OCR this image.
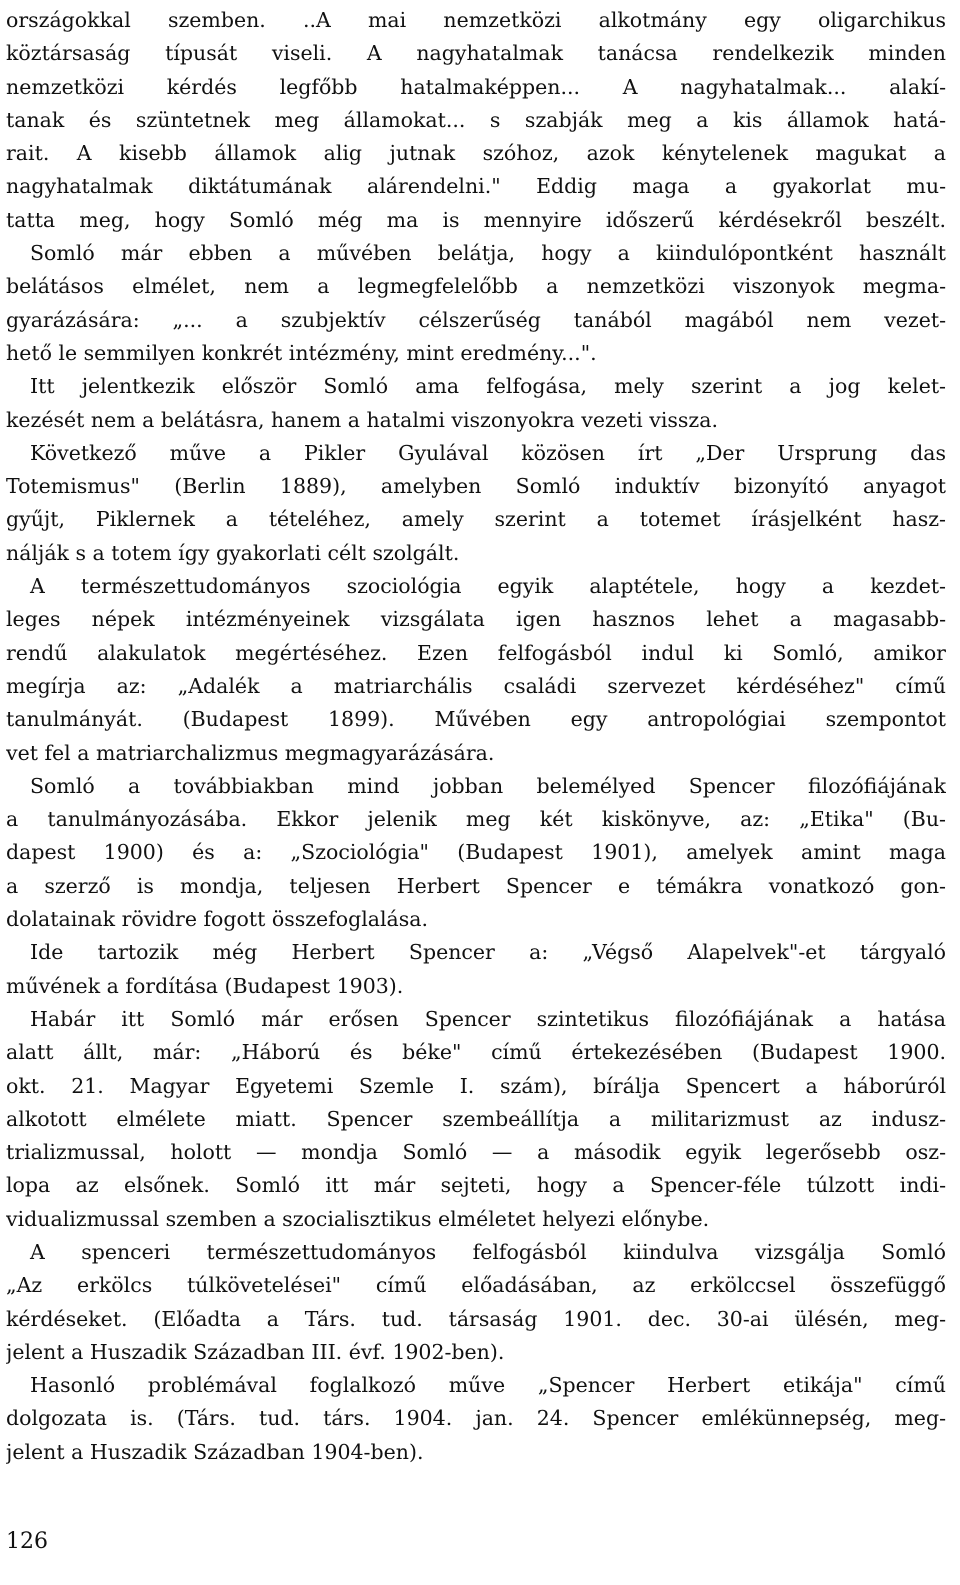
országokkal szemben. ..A mai nemzetközi alkotmány egy oligarchikus
köztársaság típusát viseli. A nagyhatalmak tanácsa rendelkezik minden
nemzetközi kérdés legfőbb hatalmaképpen... A nagyhatalmak... alakí-
tanak és szüntetnek meg államokat... s szabják meg a kis államok hatá-
rait. A kisebb államok alig jutnak szóhoz, azok kénytelenek magukat a
nagyhatalmak diktátumának alárendelni." Eddig maga a gyakorlat mu-
tatta meg, hogy Somló még ma is mennyire időszerű kérdésekről beszélt.
Somló már ebben a művében belátja, hogy a kiindulópontként használt
belátásos elmélet, nem a legmegfelelőbb a nemzetközi viszonyok megma-
gyarázására: „... a szubjektív célszerűség tanából magából nem vezet-
hető le semmilyen konkrét intézmény, mint eredmény...".
Itt jelentkezik először Somló ama felfogása, mely szerint a jog kelet-
kezését nem a belátásra, hanem a hatalmi viszonyokra vezeti vissza.
Következő műve a Pikler Gyulával közösen írt „Der Ursprung das
Totemismus" (Berlin 1889), amelyben Somló induktív bizonyító anyagot
gyűjt, Piklernek a tételéhez, amely szerint a totemet írásjelként hasz-
nálják s a totem így gyakorlati célt szolgált.
A természettudományos szociológia egyik alaptétele, hogy a kezdet-
leges népek intézményeinek vizsgálata igen hasznos lehet a magasabb-
rendű alakulatok megértéséhez. Ezen felfogásból indul ki Somló, amikor
megírja az: „Adalék a matriarchális családi szervezet kérdéséhez" című
tanulmányát. (Budapest 1899). Művében egy antropológiai szempontot
vet fel a matriarchalizmus megmagyarázására.
Somló a továbbiakban mind jobban belemélyed Spencer filozófiájának
a tanulmányozásába. Ekkor jelenik meg két kiskönyve, az: „Etika" (Bu-
dapest 1900) és a: „Szociológia" (Budapest 1901), amelyek amint maga
a szerző is mondja, teljesen Herbert Spencer e témákra vonatkozó gon-
dolatainak rövidre fogott összefoglalása.
Ide tartozik még Herbert Spencer a: „Végső Alapelvek"-et tárgyaló
művének a fordítása (Budapest 1903).
Habár itt Somló már erősen Spencer szintetikus filozófiájának a hatása
alatt állt, már: „Háború és béke" című értekezésében (Budapest 1900.
okt. 21. Magyar Egyetemi Szemle I. szám), bírálja Spencert a háborúról
alkotott elmélete miatt. Spencer szembeállítja a militarizmust az indusz-
trializmussal, holott — mondja Somló — a második egyik legerősebb osz-
lopa az elsőnek. Somló itt már sejteti, hogy a Spencer-féle túlzott indi-
vidualizmussal szemben a szocialisztikus elméletet helyezi előnybe.
A spenceri természettudományos felfogásból kiindulva vizsgálja Somló
„Az erkölcs túlkövetelései" című előadásában, az erkölccsel összefüggő
kérdéseket. (Előadta a Társ. tud. társaság 1901. dec. 30-ai ülésén, meg-
jelent a Huszadik Században III. évf. 1902-ben).
Hasonló problémával foglalkozó műve „Spencer Herbert etikája" című
dolgozata is. (Társ. tud. társ. 1904. jan. 24. Spencer emlékünnepség, meg-
jelent a Huszadik Században 1904-ben).
126
